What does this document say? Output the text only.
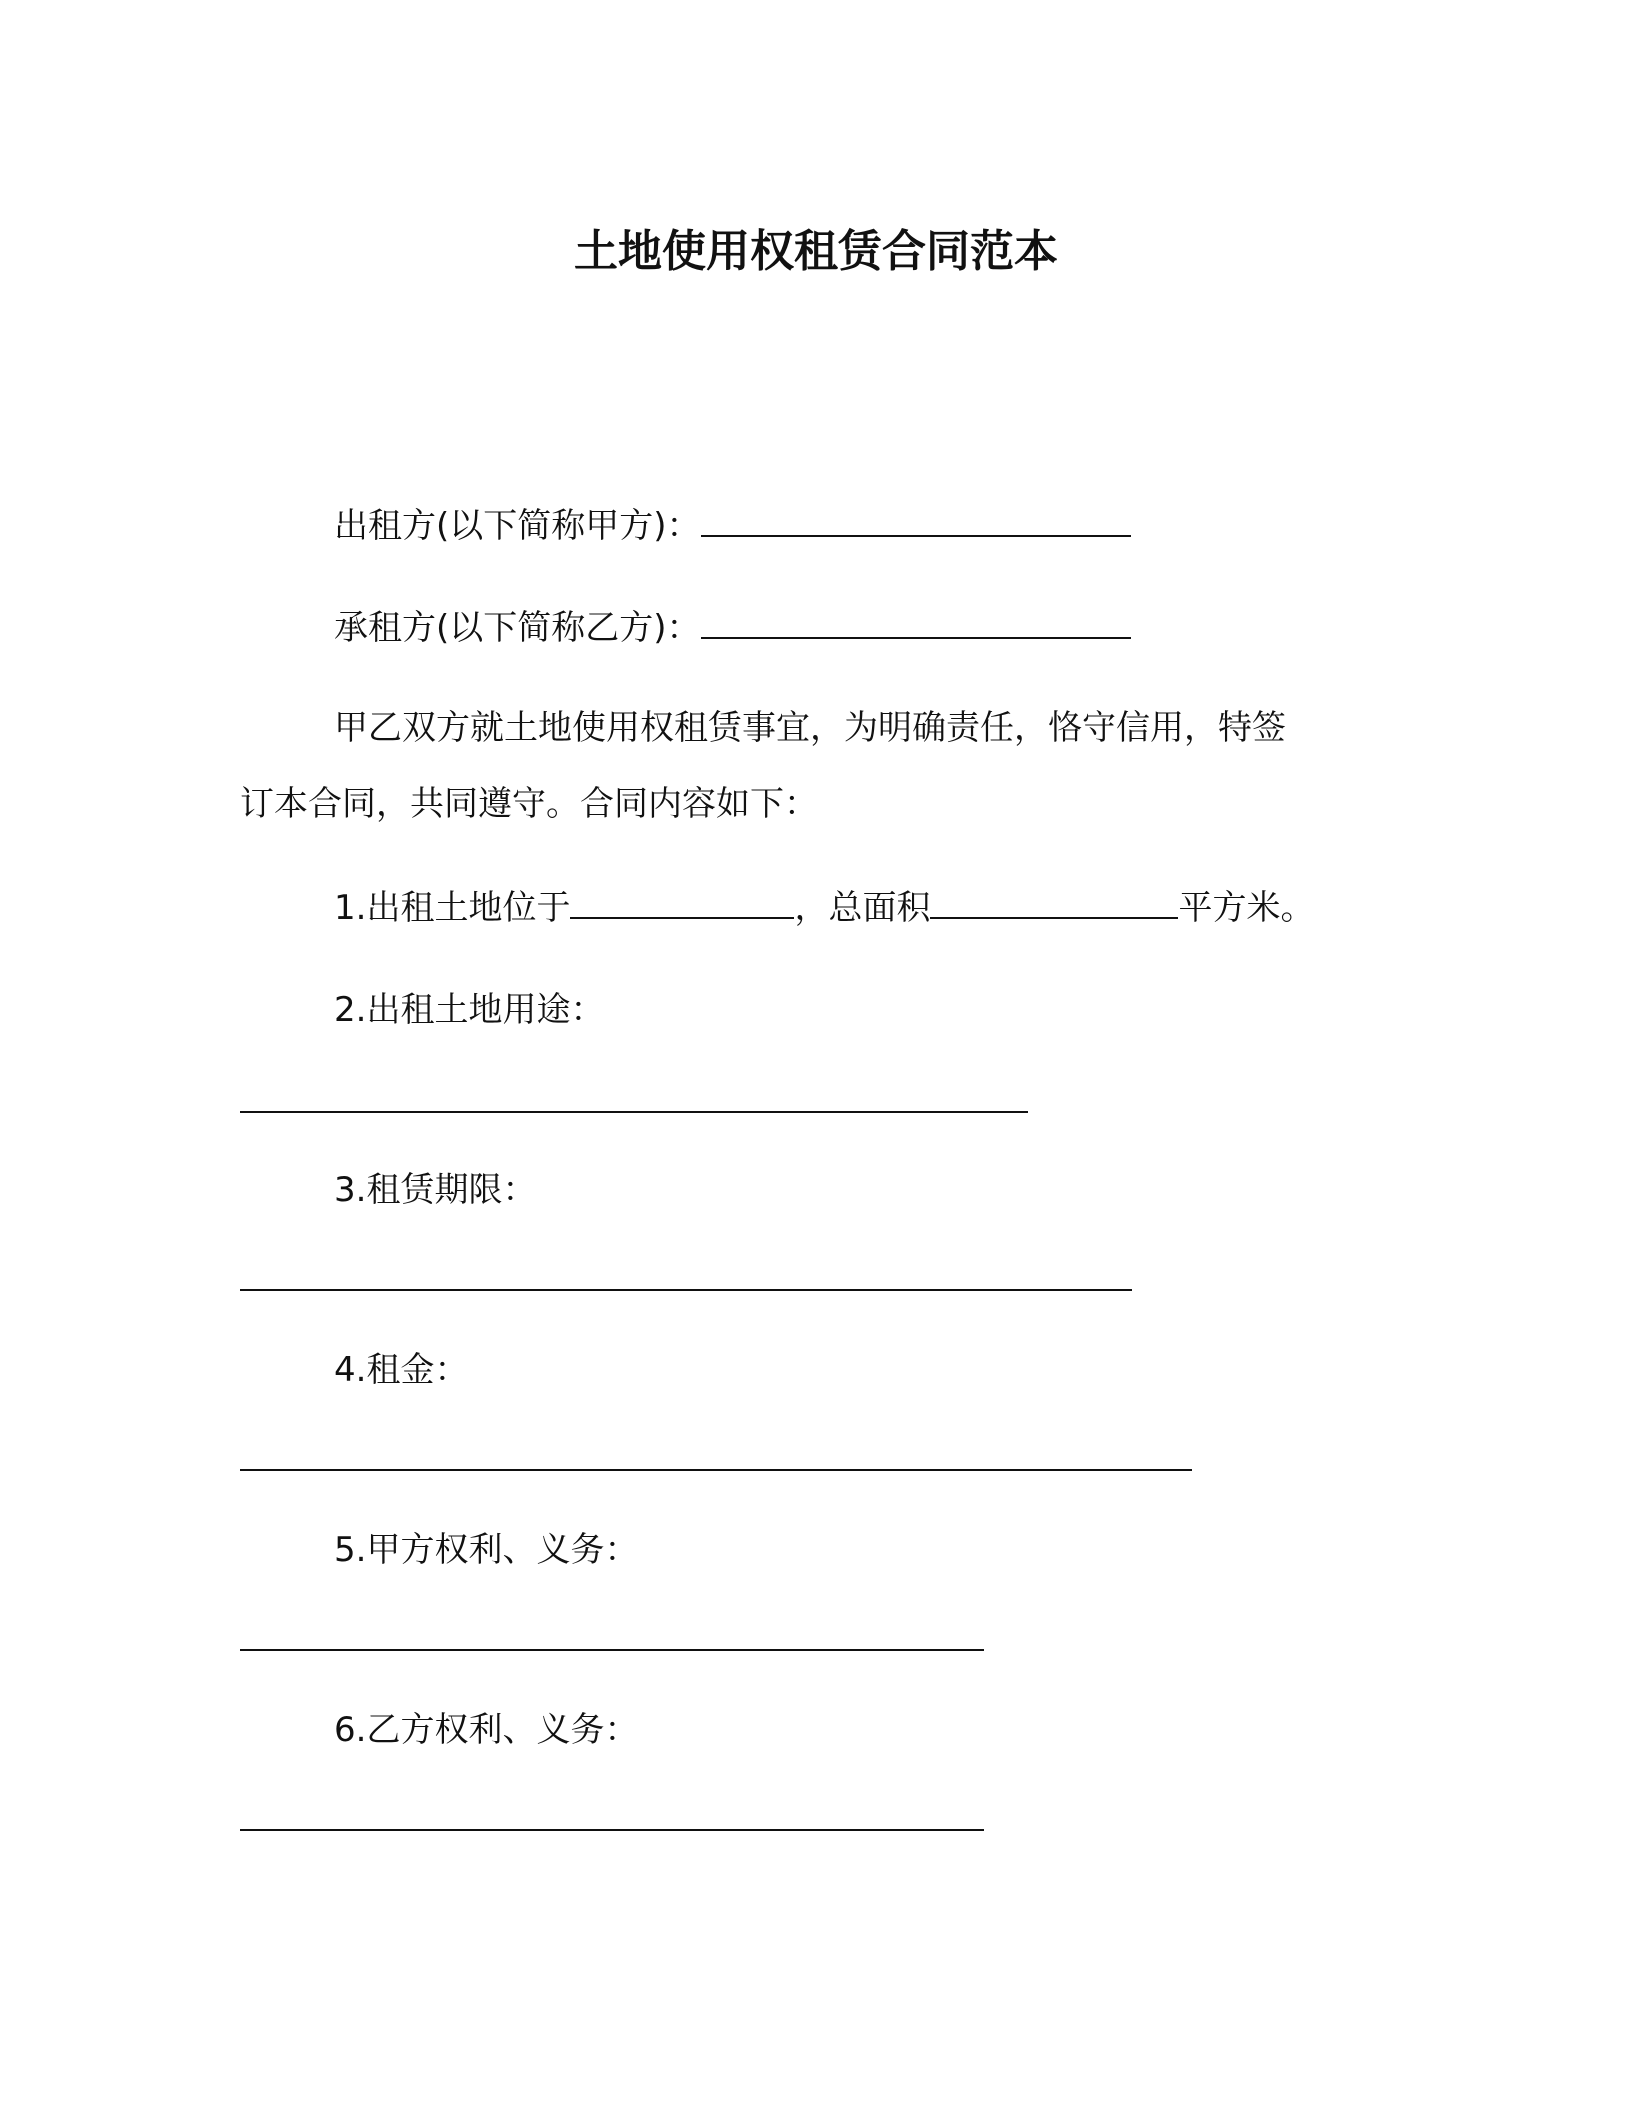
土地使用权租赁合同范本
出租方(以下简称甲方)：
承租方(以下简称乙方)：
甲乙双方就土地使用权租赁事宜，为明确责任，恪守信用，特签
订本合同，共同遵守。合同内容如下：
1.出租土地位于	，总面积	平方米。
2.出租土地用途：
3.租赁期限：
4.租金：
5.甲方权利、义务：
6.乙方权利、义务：
